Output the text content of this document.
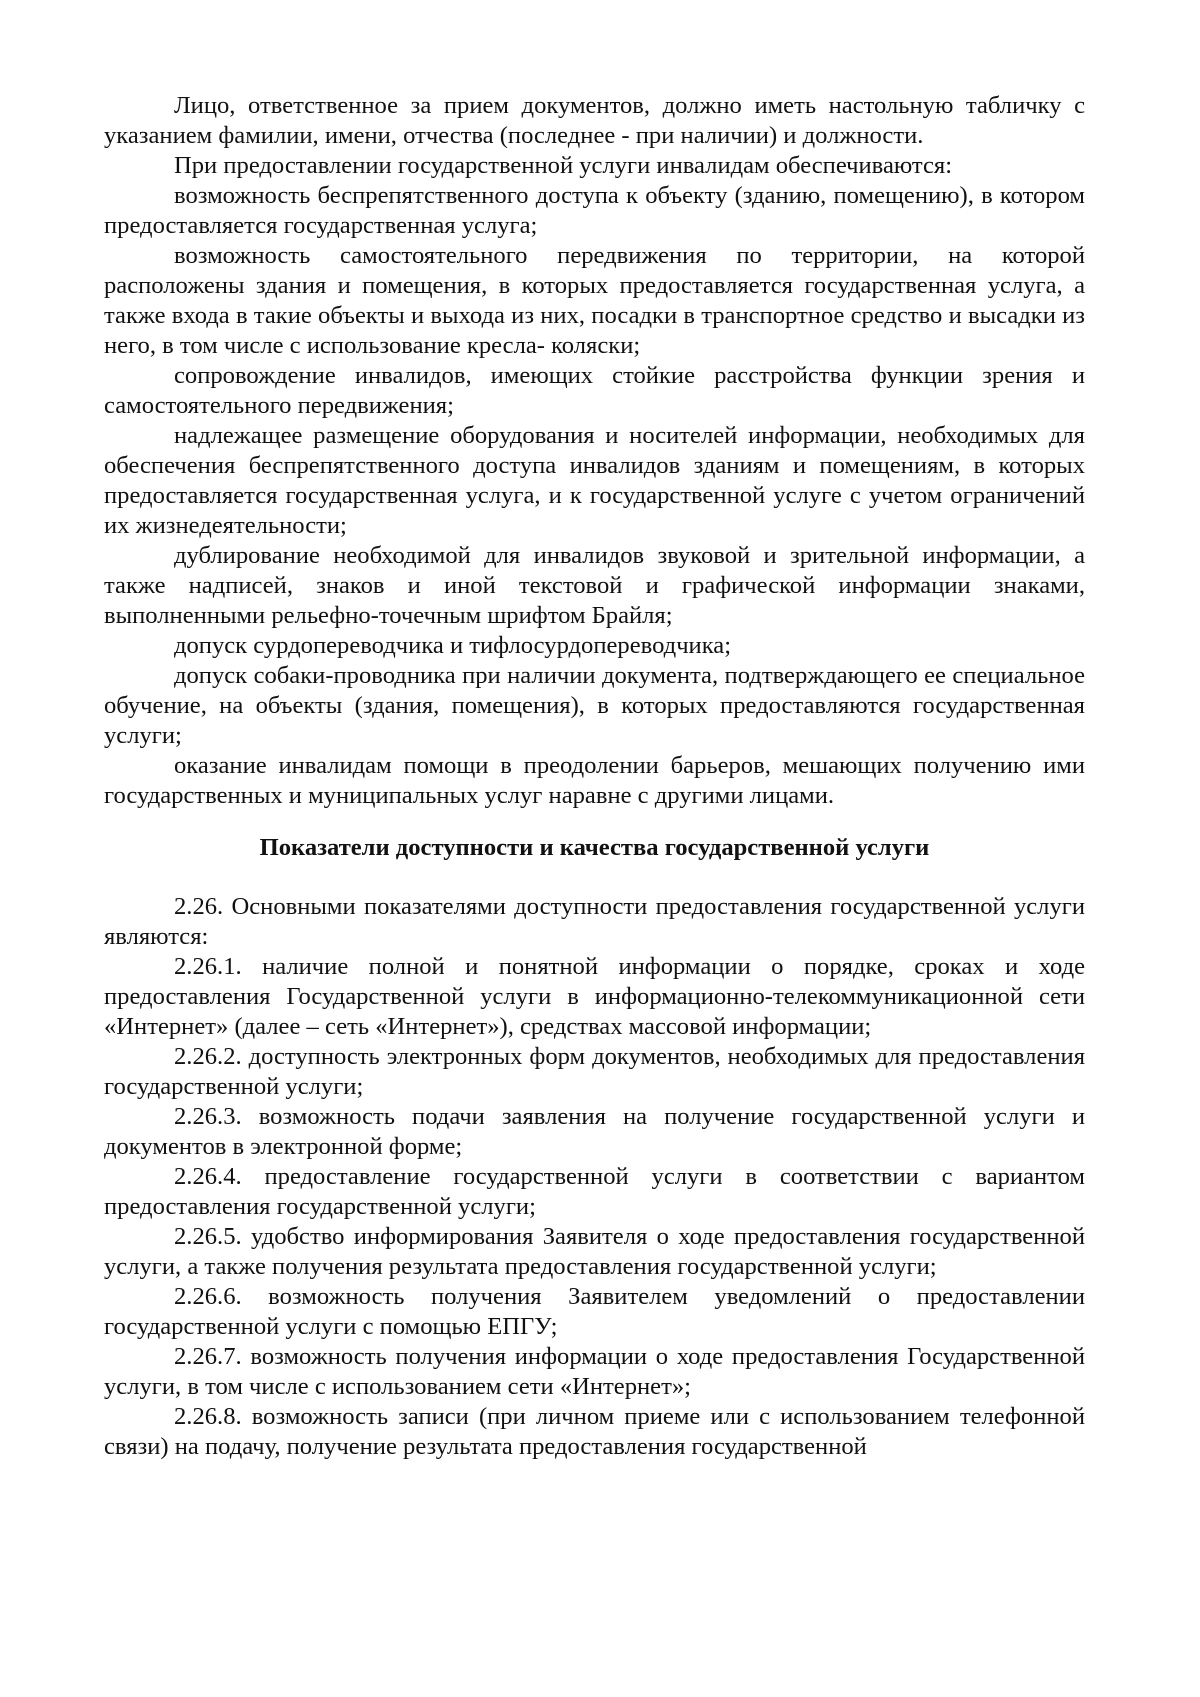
Лицо, ответственное за прием документов, должно иметь настольную табличку с указанием фамилии, имени, отчества (последнее - при наличии) и должности.

При предоставлении государственной услуги инвалидам обеспечиваются:

возможность беспрепятственного доступа к объекту (зданию, помещению), в котором предоставляется государственная услуга;

возможность самостоятельного передвижения по территории, на которой расположены здания и помещения, в которых предоставляется государственная услуга, а также входа в такие объекты и выхода из них, посадки в транспортное средство и высадки из него, в том числе с использование кресла- коляски;

сопровождение инвалидов, имеющих стойкие расстройства функции зрения и самостоятельного передвижения;

надлежащее размещение оборудования и носителей информации, необходимых для обеспечения беспрепятственного доступа инвалидов зданиям и помещениям, в которых предоставляется государственная услуга, и к государственной услуге с учетом ограничений их жизнедеятельности;

дублирование необходимой для инвалидов звуковой и зрительной информации, а также надписей, знаков и иной текстовой и графической информации знаками, выполненными рельефно-точечным шрифтом Брайля;

допуск сурдопереводчика и тифлосурдопереводчика;

допуск собаки-проводника при наличии документа, подтверждающего ее специальное обучение, на объекты (здания, помещения), в которых предоставляются государственная услуги;

оказание инвалидам помощи в преодолении барьеров, мешающих получению ими государственных и муниципальных услуг наравне с другими лицами.

Показатели доступности и качества государственной услуги

2.26. Основными показателями доступности предоставления государственной услуги являются:

2.26.1. наличие полной и понятной информации о порядке, сроках и ходе предоставления Государственной услуги в информационно-телекоммуникационной сети «Интернет» (далее – сеть «Интернет»), средствах массовой информации;

2.26.2. доступность электронных форм документов, необходимых для предоставления государственной услуги;

2.26.3. возможность подачи заявления на получение государственной услуги и документов в электронной форме;

2.26.4. предоставление государственной услуги в соответствии с вариантом предоставления государственной услуги;

2.26.5. удобство информирования Заявителя о ходе предоставления государственной услуги, а также получения результата предоставления государственной услуги;

2.26.6. возможность получения Заявителем уведомлений о предоставлении государственной услуги с помощью ЕПГУ;

2.26.7. возможность получения информации о ходе предоставления Государственной услуги, в том числе с использованием сети «Интернет»;

2.26.8. возможность записи (при личном приеме или с использованием телефонной связи) на подачу, получение результата предоставления государственной
